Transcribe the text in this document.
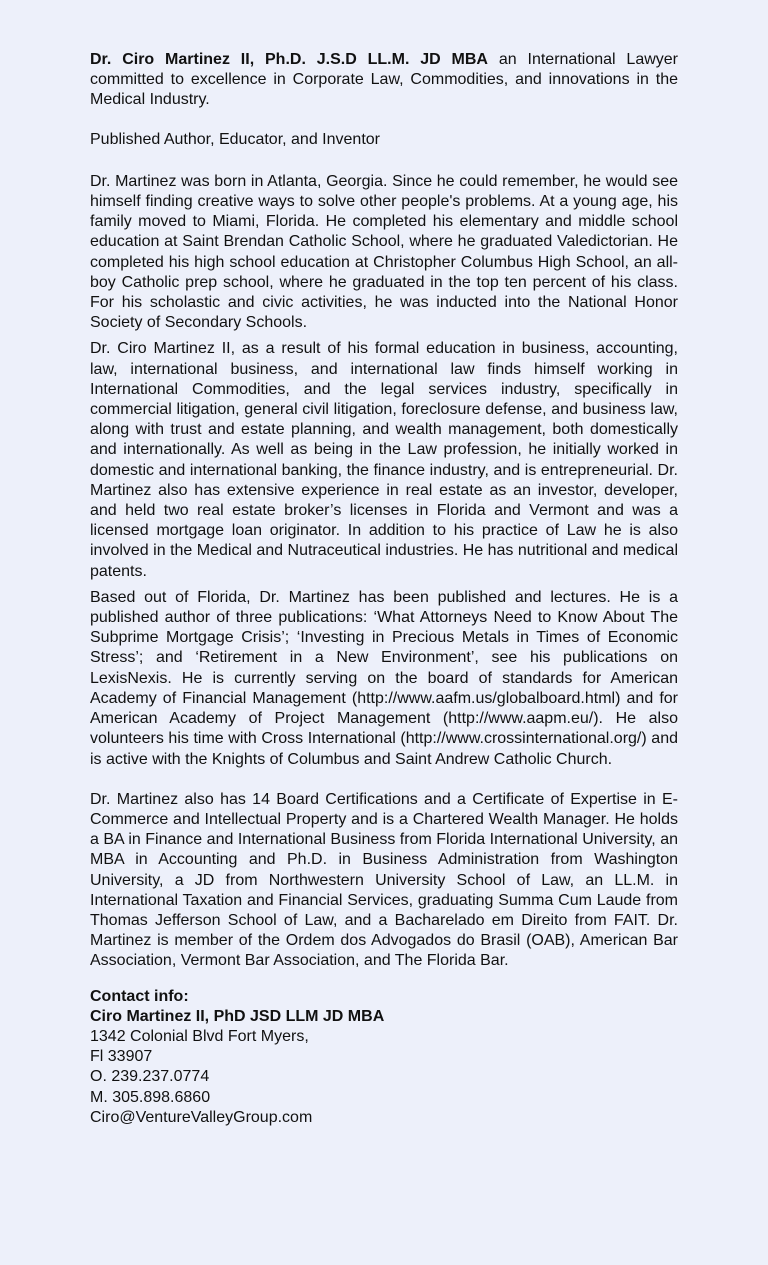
Dr. Ciro Martinez II, Ph.D. J.S.D LL.M. JD MBA an International Lawyer committed to excellence in Corporate Law, Commodities, and innovations in the Medical Industry.

Published Author, Educator, and Inventor

Dr. Martinez was born in Atlanta, Georgia. Since he could remember, he would see himself finding creative ways to solve other people's problems. At a young age, his family moved to Miami, Florida. He completed his elementary and middle school education at Saint Brendan Catholic School, where he graduated Valedictorian. He completed his high school education at Christopher Columbus High School, an all-boy Catholic prep school, where he graduated in the top ten percent of his class. For his scholastic and civic activities, he was inducted into the National Honor Society of Secondary Schools.

Dr. Ciro Martinez II, as a result of his formal education in business, accounting, law, international business, and international law finds himself working in International Commodities, and the legal services industry, specifically in commercial litigation, general civil litigation, foreclosure defense, and business law, along with trust and estate planning, and wealth management, both domestically and internationally. As well as being in the Law profession, he initially worked in domestic and international banking, the finance industry, and is entrepreneurial. Dr. Martinez also has extensive experience in real estate as an investor, developer, and held two real estate broker’s licenses in Florida and Vermont and was a licensed mortgage loan originator. In addition to his practice of Law he is also involved in the Medical and Nutraceutical industries. He has nutritional and medical patents.

Based out of Florida, Dr. Martinez has been published and lectures. He is a published author of three publications: ‘What Attorneys Need to Know About The Subprime Mortgage Crisis’; ‘Investing in Precious Metals in Times of Economic Stress’; and ‘Retirement in a New Environment’, see his publications on LexisNexis. He is currently serving on the board of standards for American Academy of Financial Management (http://www.aafm.us/globalboard.html) and for American Academy of Project Management (http://www.aapm.eu/). He also volunteers his time with Cross International (http://www.crossinternational.org/) and is active with the Knights of Columbus and Saint Andrew Catholic Church.

Dr. Martinez also has 14 Board Certifications and a Certificate of Expertise in E- Commerce and Intellectual Property and is a Chartered Wealth Manager. He holds a BA in Finance and International Business from Florida International University, an MBA in Accounting and Ph.D. in Business Administration from Washington University, a JD from Northwestern University School of Law, an LL.M. in International Taxation and Financial Services, graduating Summa Cum Laude from Thomas Jefferson School of Law, and a Bacharelado em Direito from FAIT. Dr. Martinez is member of the Ordem dos Advogados do Brasil (OAB), American Bar Association, Vermont Bar Association, and The Florida Bar.

Contact info:
Ciro Martinez II, PhD JSD LLM JD MBA
1342 Colonial Blvd Fort Myers,
Fl 33907
O. 239.237.0774
M. 305.898.6860
Ciro@VentureValleyGroup.com
